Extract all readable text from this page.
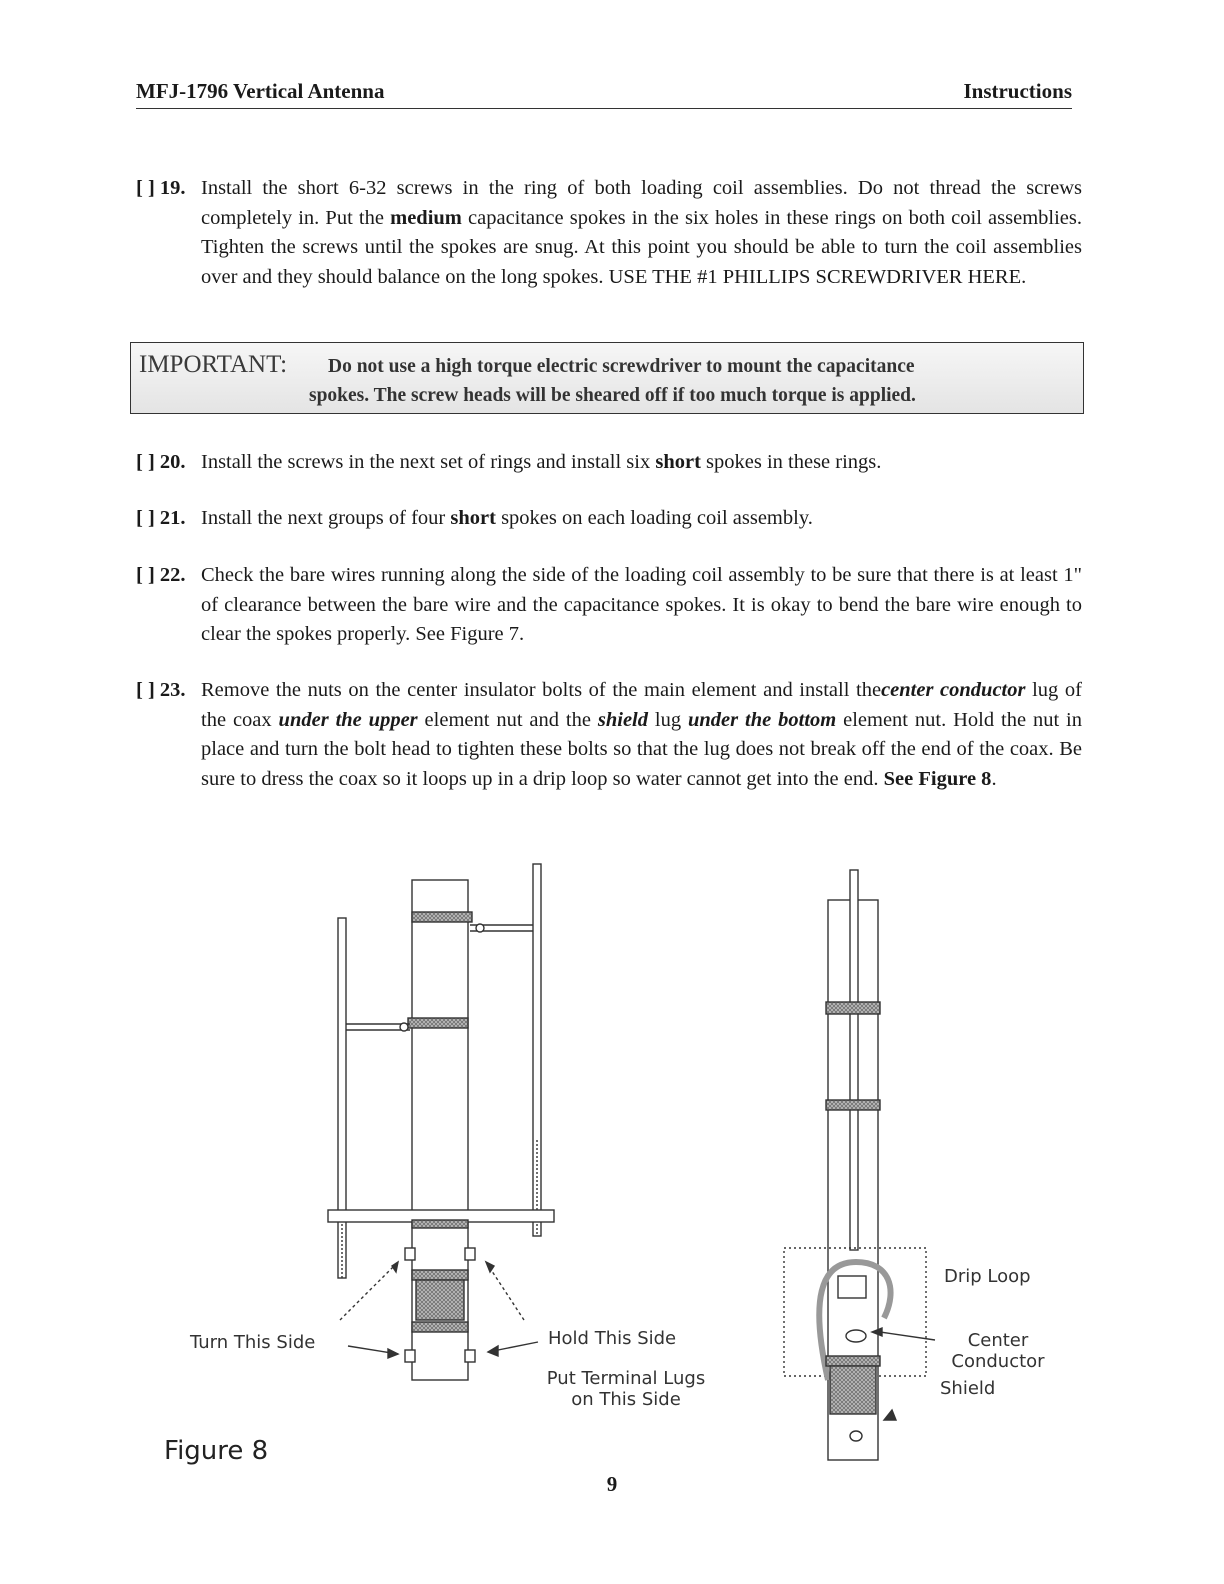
MFJ-1796 Vertical Antenna	Instructions
[ ] 19. Install the short 6-32 screws in the ring of both loading coil assemblies. Do not thread the screws completely in. Put the medium capacitance spokes in the six holes in these rings on both coil assemblies. Tighten the screws until the spokes are snug. At this point you should be able to turn the coil assemblies over and they should balance on the long spokes. USE THE #1 PHILLIPS SCREWDRIVER HERE.
IMPORTANT: Do not use a high torque electric screwdriver to mount the capacitance
spokes. The screw heads will be sheared off if too much torque is applied.
[ ] 20. Install the screws in the next set of rings and install six short spokes in these rings.
[ ] 21. Install the next groups of four short spokes on each loading coil assembly.
[ ] 22. Check the bare wires running along the side of the loading coil assembly to be sure that there is at least 1" of clearance between the bare wire and the capacitance spokes. It is okay to bend the bare wire enough to clear the spokes properly. See Figure 7.
[ ] 23. Remove the nuts on the center insulator bolts of the main element and install thecenter conductor lug of the coax under the upper element nut and the shield lug under the bottom element nut. Hold the nut in place and turn the bolt head to tighten these bolts so that the lug does not break off the end of the coax. Be sure to dress the coax so it loops up in a drip loop so water cannot get into the end. See Figure 8.
Turn This Side	Hold This Side
Put Terminal Lugs
on This Side
Drip Loop
Center
Conductor
Shield
Figure 8
9
